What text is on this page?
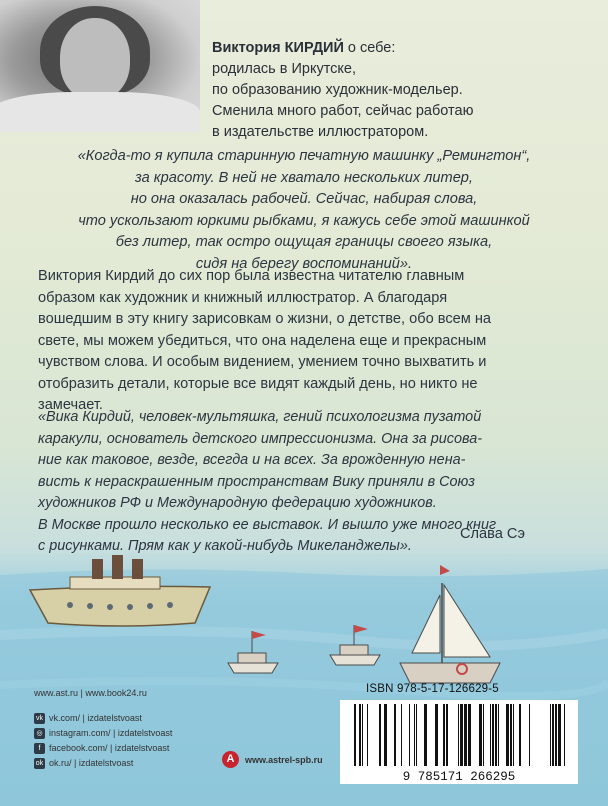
Виктория КИРДИЙ о себе:
родилась в Иркутске,
по образованию художник-модельер.
Сменила много работ, сейчас работаю
в издательстве иллюстратором.
«Когда-то я купила старинную печатную машинку „Ремингтон“,
за красоту. В ней не хватало нескольких литер,
но она оказалась рабочей. Сейчас, набирая слова,
что ускользают юркими рыбками, я кажусь себе этой машинкой
без литер, так остро ощущая границы своего языка,
сидя на берегу воспоминаний».
Виктория Кирдий до сих пор была известна читателю главным
образом как художник и книжный иллюстратор. А благодаря
вошедшим в эту книгу зарисовкам о жизни, о детстве, обо всем на
свете, мы можем убедиться, что она наделена еще и прекрасным
чувством слова. И особым видением, умением точно выхватить и
отобразить детали, которые все видят каждый день, но никто не
замечает.
«Вика Кирдий, человек-мультяшка, гений психологизма пузатой
каракули, основатель детского импрессионизма. Она за рисова-
ние как таковое, везде, всегда и на всех. За врожденную нена-
висть к нераскрашенным пространствам Вику приняли в Союз
художников РФ и Международную федерацию художников.
В Москве прошло несколько ее выставок. И вышло уже много книг
с рисунками. Прям как у какой-нибудь Микеланджелы».
Слава Сэ
www.ast.ru | www.book24.ru
vk vk.com/ | izdatelstvoast
◎ instagram.com/ | izdatelstvoast
f facebook.com/ | izdatelstvoast
ok ok.ru/ | izdatelstvoast	А	www.astrel-spb.ru
ISBN 978-5-17-126629-5
9 785171 266295
